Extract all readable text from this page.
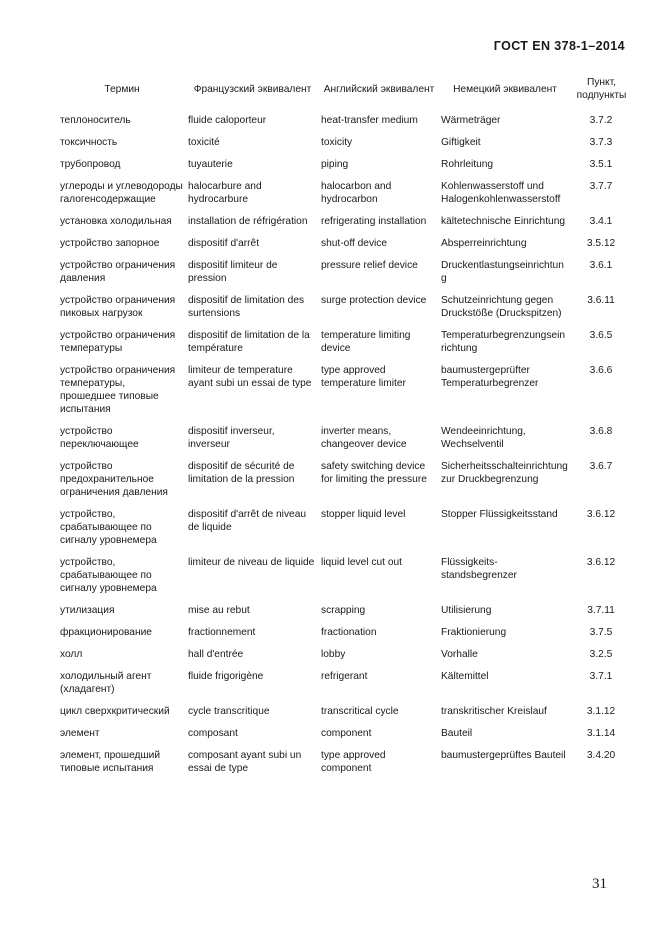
ГОСТ EN 378-1–2014
Термин	Французский эквивалент	Английский эквивалент	Немецкий эквивалент	Пункт, подпункты
теплоноситель	fluide caloporteur	heat-transfer medium	Wärmeträger	3.7.2
токсичность	toxicité	toxicity	Giftigkeit	3.7.3
трубопровод	tuyauterie	piping	Rohrleitung	3.5.1
углероды и углеводороды галогенсодержащие	halocarbure and hydrocarbure	halocarbon and hydrocarbon	Kohlenwasserstoff und Halogenkohlenwasserstoff	3.7.7
установка холодильная	installation de réfrigération	refrigerating installation	kältetechnische Einrichtung	3.4.1
устройство запорное	dispositif d'arrêt	shut-off device	Absperreinrichtung	3.5.12
устройство ограничения давления	dispositif limiteur de pression	pressure relief device	Druckentlastungseinrichtung	3.6.1
устройство ограничения пиковых нагрузок	dispositif de limitation des surtensions	surge protection device	Schutzeinrichtung gegen Druckstöße (Druckspitzen)	3.6.11
устройство ограничения температуры	dispositif de limitation de la température	temperature limiting device	Temperaturbegrenzungseinrichtung	3.6.5
устройство ограничения температуры, прошедшее типовые испытания	limiteur de temperature ayant subi un essai de type	type approved temperature limiter	baumustergeprüfter Temperaturbegrenzer	3.6.6
устройство переключающее	dispositif inverseur, inverseur	inverter means, changeover device	Wendeeinrichtung, Wechselventil	3.6.8
устройство предохранительное ограничения давления	dispositif de sécurité de limitation de la pression	safety switching device for limiting the pressure	Sicherheitsschalteinrichtung zur Druckbegrenzung	3.6.7
устройство, срабатывающее по сигналу уровнемера	dispositif d'arrêt de niveau de liquide	stopper liquid level	Stopper Flüssigkeitsstand	3.6.12
устройство, срабатывающее по сигналу уровнемера	limiteur de niveau de liquide	liquid level cut out	Flüssigkeits-standsbegrenzer	3.6.12
утилизация	mise au rebut	scrapping	Utilisierung	3.7.11
фракционирование	fractionnement	fractionation	Fraktionierung	3.7.5
холл	hall d'entrée	lobby	Vorhalle	3.2.5
холодильный агент (хладагент)	fluide frigorigène	refrigerant	Kältemittel	3.7.1
цикл сверхкритический	cycle transcritique	transcritical cycle	transkritischer Kreislauf	3.1.12
элемент	composant	component	Bauteil	3.1.14
элемент, прошедший типовые испытания	composant ayant subi un essai de type	type approved component	baumustergeprüftes Bauteil	3.4.20
31
